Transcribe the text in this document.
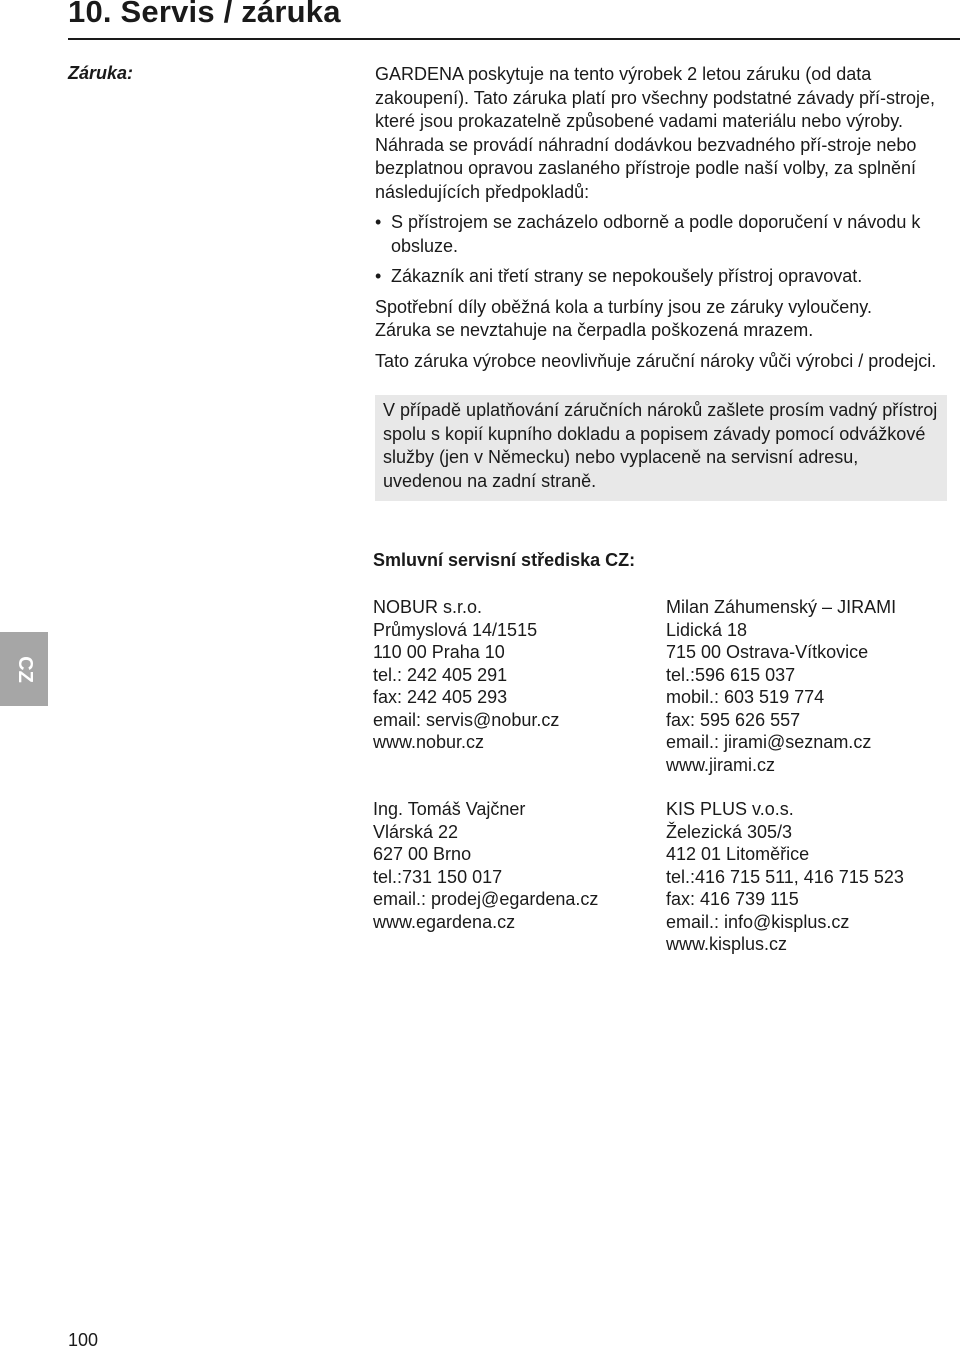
10. Servis / záruka
Záruka:	GARDENA poskytuje na tento výrobek 2 letou záruku (od data zakoupení). Tato záruka platí pro všechny podstatné závady pří-stroje, které jsou prokazatelně způsobené vadami materiálu nebo výroby. Náhrada se provádí náhradní dodávkou bezvadného pří-stroje nebo bezplatnou opravou zaslaného přístroje podle naší volby, za splnění následujících předpokladů:

• S přístrojem se zacházelo odborně a podle doporučení v návodu k obsluze.
• Zákazník ani třetí strany se nepokoušely přístroj opravovat.

Spotřební díly oběžná kola a turbíny jsou ze záruky vyloučeny.

Záruka se nevztahuje na čerpadla poškozená mrazem.

Tato záruka výrobce neovlivňuje záruční nároky vůči výrobci / prodejci.

V případě uplatňování záručních nároků zašlete prosím vadný přístroj spolu s kopií kupního dokladu a popisem závady pomocí odvážkové služby (jen v Německu) nebo vyplaceně na servisní adresu, uvedenou na zadní straně.
Smluvní servisní střediska CZ:
NOBUR s.r.o.
Průmyslová 14/1515
110 00 Praha 10
tel.: 242 405 291
fax: 242 405 293
email: servis@nobur.cz
www.nobur.cz
Milan Záhumenský – JIRAMI
Lidická 18
715 00 Ostrava-Vítkovice
tel.:596 615 037
mobil.: 603 519 774
fax: 595 626 557
email.: jirami@seznam.cz
www.jirami.cz
Ing. Tomáš Vajčner
Vlárská 22
627 00 Brno
tel.:731 150 017
email.: prodej@egardena.cz
www.egardena.cz
KIS PLUS v.o.s.
Železická 305/3
412 01 Litoměřice
tel.:416 715 511, 416 715 523
fax: 416 739 115
email.: info@kisplus.cz
www.kisplus.cz
CZ
100
